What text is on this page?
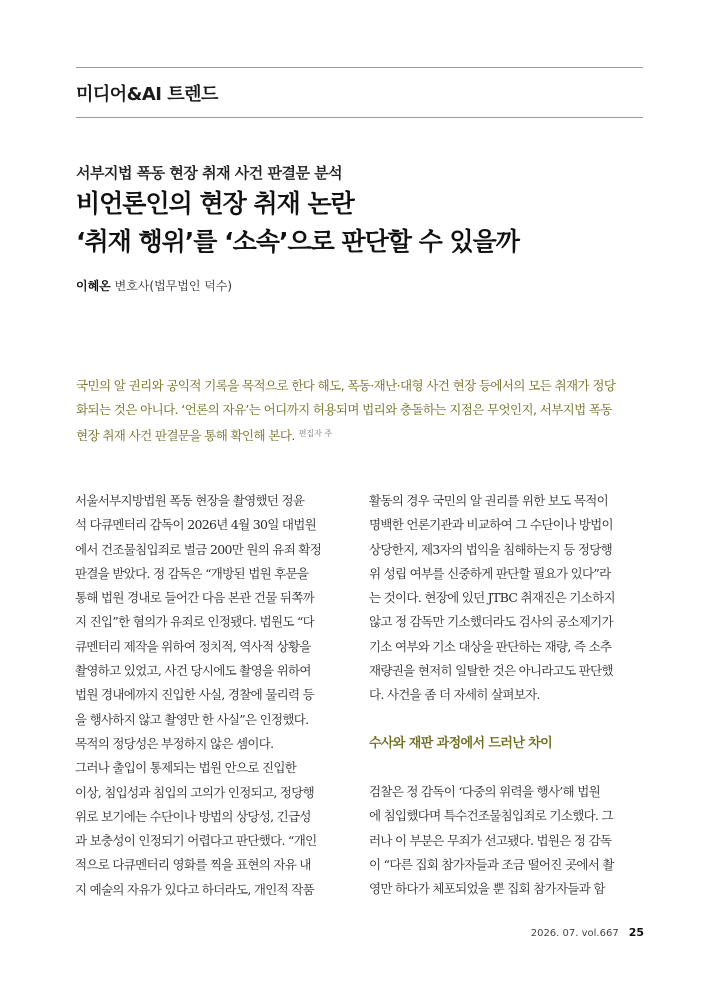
미디어&AI 트렌드
서부지법 폭동 현장 취재 사건 판결문 분석
비언론인의 현장 취재 논란
‘취재 행위’를 ‘소속’으로 판단할 수 있을까
이혜온 변호사(법무법인 덕수)
국민의 알 권리와 공익적 기록을 목적으로 한다 해도, 폭동·재난·대형 사건 현장 등에서의 모든 취재가 정당
화되는 것은 아니다. ‘언론의 자유’는 어디까지 허용되며 법리와 충돌하는 지점은 무엇인지, 서부지법 폭동
현장 취재 사건 판결문을 통해 확인해 본다. $^{편집자 주}$
서울서부지방법원 폭동 현장을 촬영했던 정윤
석 다큐멘터리 감독이 2026년 4월 30일 대법원
에서 건조물침입죄로 벌금 200만 원의 유죄 확정
판결을 받았다. 정 감독은 “개방된 법원 후문을
통해 법원 경내로 들어간 다음 본관 건물 뒤쪽까
지 진입”한 혐의가 유죄로 인정됐다. 법원도 “다
큐멘터리 제작을 위하여 정치적, 역사적 상황을
촬영하고 있었고, 사건 당시에도 촬영을 위하여
법원 경내에까지 진입한 사실, 경찰에 물리력 등
을 행사하지 않고 촬영만 한 사실”은 인정했다.
목적의 정당성은 부정하지 않은 셈이다.
그러나 출입이 통제되는 법원 안으로 진입한
이상, 침입성과 침입의 고의가 인정되고, 정당행
위로 보기에는 수단이나 방법의 상당성, 긴급성
과 보충성이 인정되기 어렵다고 판단했다. “개인
적으로 다큐멘터리 영화를 찍을 표현의 자유 내
지 예술의 자유가 있다고 하더라도, 개인적 작품
활동의 경우 국민의 알 권리를 위한 보도 목적이
명백한 언론기관과 비교하여 그 수단이나 방법이
상당한지, 제3자의 법익을 침해하는지 등 정당행
위 성립 여부를 신중하게 판단할 필요가 있다”라
는 것이다. 현장에 있던 JTBC 취재진은 기소하지
않고 정 감독만 기소했더라도 검사의 공소제기가
기소 여부와 기소 대상을 판단하는 재량, 즉 소추
재량권을 현저히 일탈한 것은 아니라고도 판단했
다. 사건을 좀 더 자세히 살펴보자.
수사와 재판 과정에서 드러난 차이
검찰은 정 감독이 ‘다중의 위력을 행사’해 법원
에 침입했다며 특수건조물침입죄로 기소했다. 그
러나 이 부분은 무죄가 선고됐다. 법원은 정 감독
이 “다른 집회 참가자들과 조금 떨어진 곳에서 촬
영만 하다가 체포되었을 뿐 집회 참가자들과 함
2026. 07. vol.667 25
